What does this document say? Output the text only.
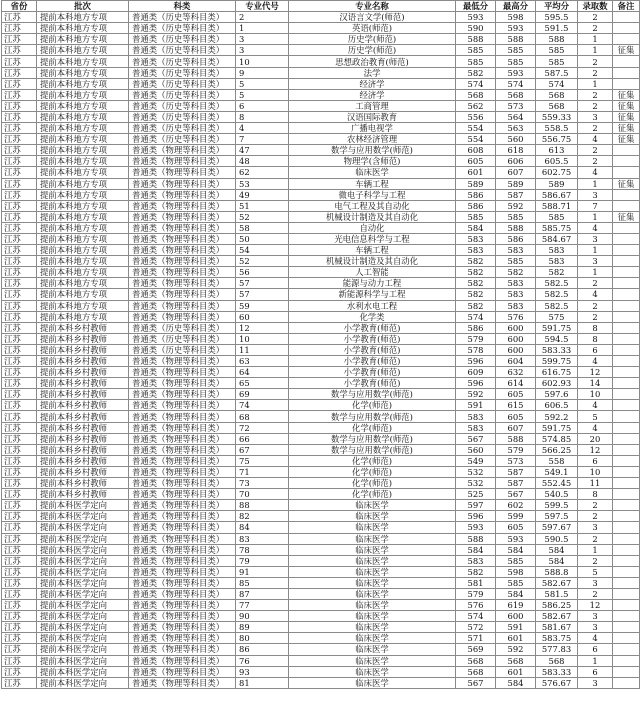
省份	批次	科类	专业代号	专业名称	最低分	最高分	平均分	录取数	备注
江苏	提前本科地方专项	普通类（历史等科目类）	2	汉语言文学(师范)	593	598	595.5	2	
江苏	提前本科地方专项	普通类（历史等科目类）	1	英语(师范)	590	593	591.5	2	
江苏	提前本科地方专项	普通类（历史等科目类）	3	历史学(师范)	588	588	588	1	
江苏	提前本科地方专项	普通类（历史等科目类）	3	历史学(师范)	585	585	585	1	征集
江苏	提前本科地方专项	普通类（历史等科目类）	10	思想政治教育(师范)	585	585	585	2	
江苏	提前本科地方专项	普通类（历史等科目类）	9	法学	582	593	587.5	2	
江苏	提前本科地方专项	普通类（历史等科目类）	5	经济学	574	574	574	1	
江苏	提前本科地方专项	普通类（历史等科目类）	5	经济学	568	568	568	2	征集
江苏	提前本科地方专项	普通类（历史等科目类）	6	工商管理	562	573	568	2	征集
江苏	提前本科地方专项	普通类（历史等科目类）	8	汉语国际教育	556	564	559.33	3	征集
江苏	提前本科地方专项	普通类（历史等科目类）	4	广播电视学	554	563	558.5	2	征集
江苏	提前本科地方专项	普通类（历史等科目类）	7	农林经济管理	554	560	556.75	4	征集
江苏	提前本科地方专项	普通类（物理等科目类）	47	数学与应用数学(师范)	608	618	613	2	
江苏	提前本科地方专项	普通类（物理等科目类）	48	物理学(含师范)	605	606	605.5	2	
江苏	提前本科地方专项	普通类（物理等科目类）	62	临床医学	601	607	602.75	4	
江苏	提前本科地方专项	普通类（物理等科目类）	53	车辆工程	589	589	589	1	征集
江苏	提前本科地方专项	普通类（物理等科目类）	49	微电子科学与工程	586	587	586.67	3	
江苏	提前本科地方专项	普通类（物理等科目类）	51	电气工程及其自动化	586	592	588.71	7	
江苏	提前本科地方专项	普通类（物理等科目类）	52	机械设计制造及其自动化	585	585	585	1	征集
江苏	提前本科地方专项	普通类（物理等科目类）	58	自动化	584	588	585.75	4	
江苏	提前本科地方专项	普通类（物理等科目类）	50	光电信息科学与工程	583	586	584.67	3	
江苏	提前本科地方专项	普通类（物理等科目类）	54	车辆工程	583	583	583	1	
江苏	提前本科地方专项	普通类（物理等科目类）	52	机械设计制造及其自动化	582	585	583	3	
江苏	提前本科地方专项	普通类（物理等科目类）	56	人工智能	582	582	582	1	
江苏	提前本科地方专项	普通类（物理等科目类）	57	能源与动力工程	582	583	582.5	2	
江苏	提前本科地方专项	普通类（物理等科目类）	57	新能源科学与工程	582	583	582.5	4	
江苏	提前本科地方专项	普通类（物理等科目类）	59	水利水电工程	582	583	582.5	2	
江苏	提前本科地方专项	普通类（物理等科目类）	60	化学类	574	576	575	2	
江苏	提前本科乡村教师	普通类（历史等科目类）	12	小学教育(师范)	586	600	591.75	8	
江苏	提前本科乡村教师	普通类（历史等科目类）	10	小学教育(师范)	579	600	594.5	8	
江苏	提前本科乡村教师	普通类（历史等科目类）	11	小学教育(师范)	578	600	583.33	6	
江苏	提前本科乡村教师	普通类（物理等科目类）	63	小学教育(师范)	596	604	599.75	4	
江苏	提前本科乡村教师	普通类（物理等科目类）	64	小学教育(师范)	609	632	616.75	12	
江苏	提前本科乡村教师	普通类（物理等科目类）	65	小学教育(师范)	596	614	602.93	14	
江苏	提前本科乡村教师	普通类（物理等科目类）	69	数学与应用数学(师范)	592	605	597.6	10	
江苏	提前本科乡村教师	普通类（物理等科目类）	74	化学(师范)	591	615	606.5	4	
江苏	提前本科乡村教师	普通类（物理等科目类）	68	数学与应用数学(师范)	583	605	592.2	5	
江苏	提前本科乡村教师	普通类（物理等科目类）	72	化学(师范)	583	607	591.75	4	
江苏	提前本科乡村教师	普通类（物理等科目类）	66	数学与应用数学(师范)	567	588	574.85	20	
江苏	提前本科乡村教师	普通类（物理等科目类）	67	数学与应用数学(师范)	560	579	566.25	12	
江苏	提前本科乡村教师	普通类（物理等科目类）	75	化学(师范)	549	573	558	6	
江苏	提前本科乡村教师	普通类（物理等科目类）	71	化学(师范)	532	587	549.1	10	
江苏	提前本科乡村教师	普通类（物理等科目类）	73	化学(师范)	532	587	552.45	11	
江苏	提前本科乡村教师	普通类（物理等科目类）	70	化学(师范)	525	567	540.5	8	
江苏	提前本科医学定向	普通类（物理等科目类）	88	临床医学	597	602	599.5	2	
江苏	提前本科医学定向	普通类（物理等科目类）	82	临床医学	596	599	597.5	2	
江苏	提前本科医学定向	普通类（物理等科目类）	84	临床医学	593	605	597.67	3	
江苏	提前本科医学定向	普通类（物理等科目类）	83	临床医学	588	593	590.5	2	
江苏	提前本科医学定向	普通类（物理等科目类）	78	临床医学	584	584	584	1	
江苏	提前本科医学定向	普通类（物理等科目类）	79	临床医学	583	585	584	2	
江苏	提前本科医学定向	普通类（物理等科目类）	91	临床医学	582	598	588.8	5	
江苏	提前本科医学定向	普通类（物理等科目类）	85	临床医学	581	585	582.67	3	
江苏	提前本科医学定向	普通类（物理等科目类）	87	临床医学	579	584	581.5	2	
江苏	提前本科医学定向	普通类（物理等科目类）	77	临床医学	576	619	586.25	12	
江苏	提前本科医学定向	普通类（物理等科目类）	90	临床医学	574	600	582.67	3	
江苏	提前本科医学定向	普通类（物理等科目类）	89	临床医学	572	591	581.67	3	
江苏	提前本科医学定向	普通类（物理等科目类）	80	临床医学	571	601	583.75	4	
江苏	提前本科医学定向	普通类（物理等科目类）	86	临床医学	569	592	577.83	6	
江苏	提前本科医学定向	普通类（物理等科目类）	76	临床医学	568	568	568	1	
江苏	提前本科医学定向	普通类（物理等科目类）	93	临床医学	568	601	583.33	6	
江苏	提前本科医学定向	普通类（物理等科目类）	81	临床医学	567	584	576.67	3	
